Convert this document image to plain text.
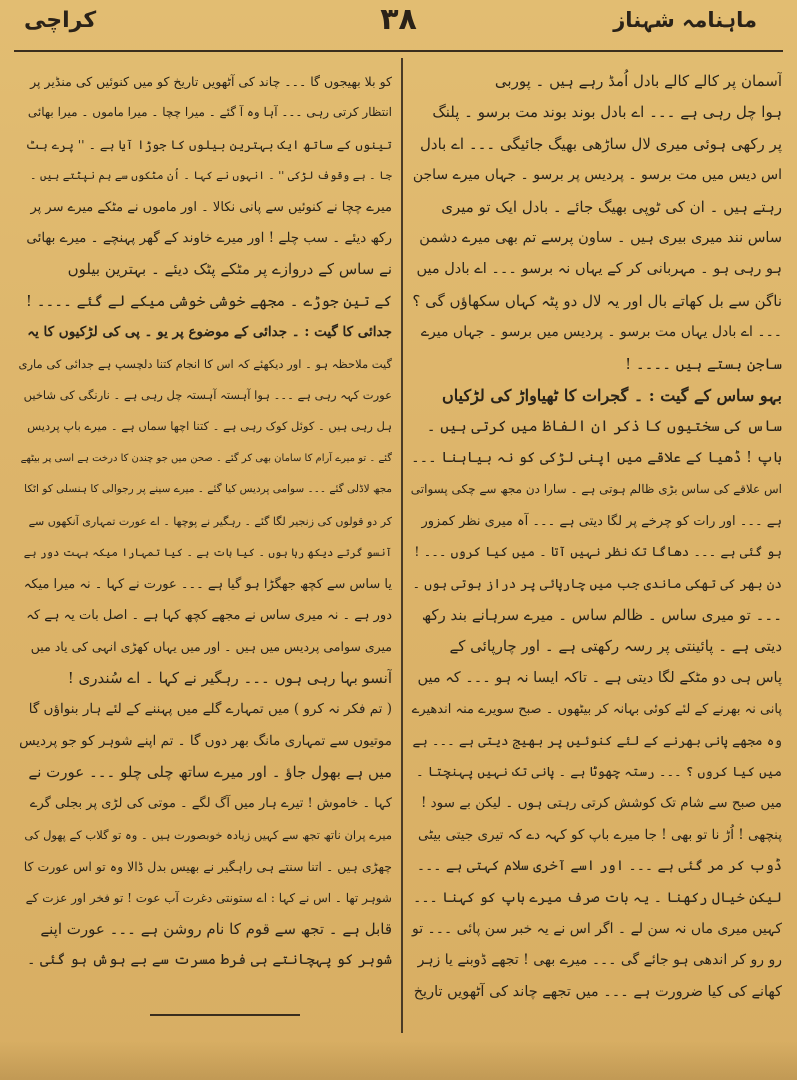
ماہنامہ شہناز
۳۸
کراچی

آسمان پر کالے کالے بادل اُمڈ رہے ہیں ۔ پوربی

ہوا چل رہی ہے ۔۔۔ اے بادل بوند بوند مت برسو ۔ پلنگ

پر رکھی ہوئی میری لال ساڑھی بھیگ جائیگی ۔۔۔ اے بادل

اس دیس میں مت برسو ۔ پردیس پر برسو ۔ جہاں میرے ساجن

رہتے ہیں ۔ ان کی ٹوپی بھیگ جائے ۔ بادل ایک تو میری

ساس نند میری بیری ہیں ۔ ساون پرسے تم بھی میرے دشمن

ہو رہی ہو ۔ مہربانی کر کے یہاں نہ برسو ۔۔۔ اے بادل میں

ناگن سے بل کھاتے بال اور یہ لال دو پٹہ کہاں سکھاؤں گی ؟

۔۔۔ اے بادل یہاں مت برسو ۔ پردیس میں برسو ۔ جہاں میرے

ساجن بستے ہیں ۔۔۔۔ !

بہو ساس کے گیت : ۔ گجرات کا ٹھیاواڑ کی لڑکیاں

ساس کی سختیوں کا ذکر ان الفاظ میں کرتی ہیں ۔

باپ ! ڈھیا کے علاقے میں اپنی لڑکی کو نہ بیاہنا ۔۔۔

اس علاقے کی ساس بڑی ظالم ہوتی ہے ۔ سارا دن مجھ سے چکی پسواتی

ہے ۔۔۔ اور رات کو چرخے پر لگا دیتی ہے ۔۔۔ آہ میری نظر کمزور

ہو گئی ہے ۔۔۔ دھاگا تک نظر نہیں آتا ۔ میں کیا کروں ۔۔۔ !

دن بھر کی تھکی ماندی جب میں چارپائی پر دراز ہوتی ہوں ۔

۔۔۔ تو میری ساس ۔ ظالم ساس ۔ میرے سرہانے بند رکھ

دیتی ہے ۔ پائینتی پر رسہ رکھتی ہے ۔ اور چارپائی کے

پاس ہی دو مٹکے لگا دیتی ہے ۔ تاکہ ایسا نہ ہو ۔۔۔ کہ میں

پانی نہ بھرنے کے لئے کوئی بہانہ کر بیٹھوں ۔ صبح سویرے منہ اندھیرے

وہ مجھے پانی بھرنے کے لئے کنوئیں پر بھیج دیتی ہے ۔۔۔ ہے

میں کیا کروں ؟ ۔۔۔ رستہ چھوٹا ہے ۔ پانی تک نہیں پہنچتا ۔

میں صبح سے شام تک کوشش کرتی رہتی ہوں ۔ لیکن بے سود !

پنچھی ! اُڑ نا تو بھی ! جا میرے باپ کو کہہ دے کہ تیری جیتی بیٹی

ڈوب کر مر گئی ہے ۔۔۔ اور اسے آخری سلام کہتی ہے ۔۔۔

لیکن خیال رکھنا ۔ یہ بات صرف میرے باپ کو کہنا ۔۔۔

کہیں میری ماں نہ سن لے ۔ اگر اس نے یہ خبر سن پائی ۔۔۔ تو

رو رو کر اندھی ہو جائے گی ۔۔۔ میرے بھی ! تجھے ڈوبنے یا زہر

کھانے کی کیا ضرورت ہے ۔۔۔ میں تجھے چاند کی آٹھویں تاریخ

کو بلا بھیجوں گا ۔۔۔ چاند کی آٹھویں تاریخ کو میں کنوئیں کی منڈیر پر

انتظار کرتی رہی ۔۔۔ آہا وہ آ گئے ۔ میرا چچا ۔ میرا ماموں ۔ میرا بھائی

تینوں کے ساتھ ایک بہترین بیلوں کا جوڑا آیا ہے ۔ '' پرے ہٹ

جا ۔ بے وقوف لڑکی '' ۔ انہوں نے کہا ۔ اُن مٹکوں سے ہم نپٹتے ہیں ۔

میرے چچا نے کنوئیں سے پانی نکالا ۔ اور ماموں نے مٹکے میرے سر پر

رکھ دیئے ۔ سب چلے ! اور میرے خاوند کے گھر پہنچے ۔ میرے بھائی

نے ساس کے دروازے پر مٹکے پٹک دیئے ۔ بہترین بیلوں

کے تین جوڑے ۔ مجھے خوشی خوشی میکے لے گئے ۔۔۔۔ !

جدائی کا گیت : ۔ جدائی کے موضوع پر یو ۔ پی کی لڑکیوں کا یہ

گیت ملاحظہ ہو ۔ اور دیکھئے کہ اس کا انجام کتنا دلچسپ ہے جدائی کی ماری

عورت کہہ رہی ہے ۔۔۔ ہوا آہستہ آہستہ چل رہی ہے ۔ نارنگی کی شاخیں

ہل رہی ہیں ۔ کوئل کوک رہی ہے ۔ کتنا اچھا سماں ہے ۔ میرے باپ پردیس

گئے ۔ تو میرے آرام کا سامان بھی کر گئے ۔ صحن میں جو چندن کا درخت ہے اسی پر بیٹھے

مجھ لاڈلی گئے ۔۔۔ سوامی پردیس کیا گئے ۔ میرے سینے پر رجوالی کا ہنسلی کو اٹکا

کر دو قولوں کی زنجیر لگا گئے ۔ رہگیر نے پوچھا ۔ اے عورت تمہاری آنکھوں سے

آنسو گرتے دیکھ رہا ہوں ۔ کیا بات ہے ۔ کیا تمہارا میکہ بہت دور ہے

یا ساس سے کچھ جھگڑا ہو گیا ہے ۔۔۔ عورت نے کہا ۔ نہ میرا میکہ

دور ہے ۔ نہ میری ساس نے مجھے کچھ کہا ہے ۔ اصل بات یہ ہے کہ

میری سوامی پردیس میں ہیں ۔ اور میں یہاں کھڑی انہی کی یاد میں

آنسو بہا رہی ہوں ۔۔۔ رہگیر نے کہا ۔ اے سُندری !

( تم فکر نہ کرو ) میں تمہارے گلے میں پہننے کے لئے ہار بنواؤں گا

موتیوں سے تمہاری مانگ بھر دوں گا ۔ تم اپنے شوہر کو جو پردیس

میں ہے بھول جاؤ ۔ اور میرے ساتھ چلی چلو ۔۔۔ عورت نے

کہا ۔ خاموش ! تیرے ہار میں آگ لگے ۔ موتی کی لڑی پر بجلی گرے

میرے پران ناتھ تجھ سے کہیں زیادہ خوبصورت ہیں ۔ وہ تو گلاب کے پھول کی

چھڑی ہیں ۔ اتنا سنتے ہی راہگیر نے بھیس بدل ڈالا وہ تو اس عورت کا

شوہر تھا ۔ اس نے کہا : اے ستونتی دغرت آب عوت ! تو فخر اور عزت کے

قابل ہے ۔ تجھ سے قوم کا نام روشن ہے ۔۔۔ عورت اپنے

شوہر کو پہچانتے ہی فرط مسرت سے بے ہوش ہو گئی ۔
